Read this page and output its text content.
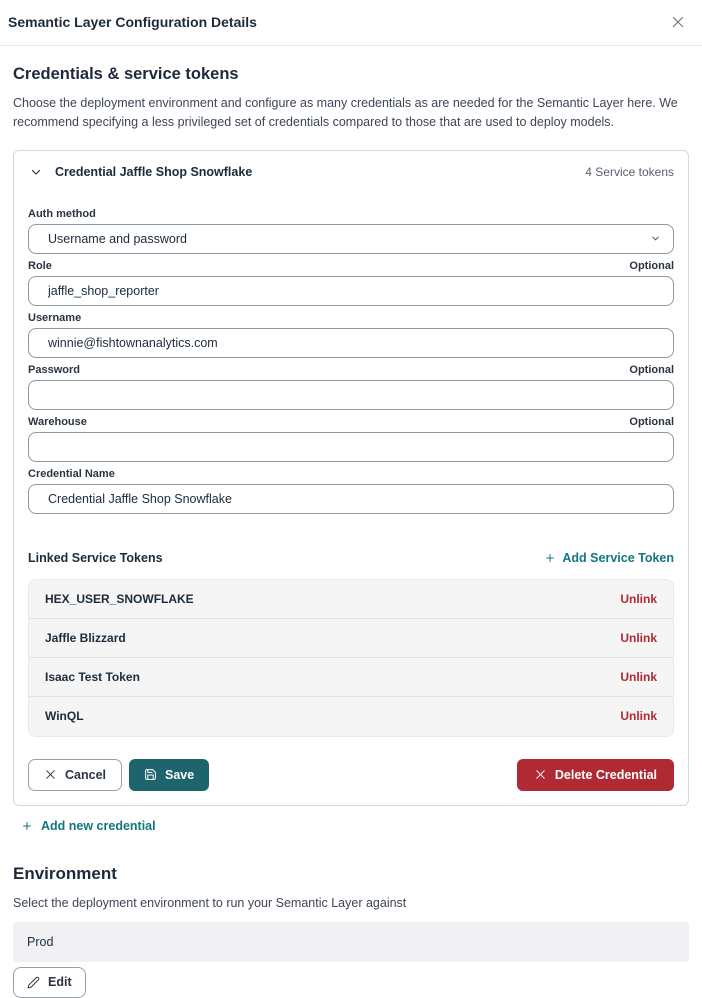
Semantic Layer Configuration Details
Credentials & service tokens

Choose the deployment environment and configure as many credentials as are needed for the Semantic Layer here. We recommend specifying a less privileged set of credentials compared to those that are used to deploy models.

Credential Jaffle Shop Snowflake	4 Service tokens
Auth method
Username and password
Role	Optional
jaffle_shop_reporter
Username
winnie@fishtownanalytics.com
Password	Optional
Warehouse	Optional
Credential Name
Credential Jaffle Shop Snowflake
Linked Service Tokens	Add Service Token
HEX_USER_SNOWFLAKE	Unlink
Jaffle Blizzard	Unlink
Isaac Test Token	Unlink
WinQL	Unlink
Cancel	Save	Delete Credential
Add new credential
Environment

Select the deployment environment to run your Semantic Layer against

Prod
Edit
